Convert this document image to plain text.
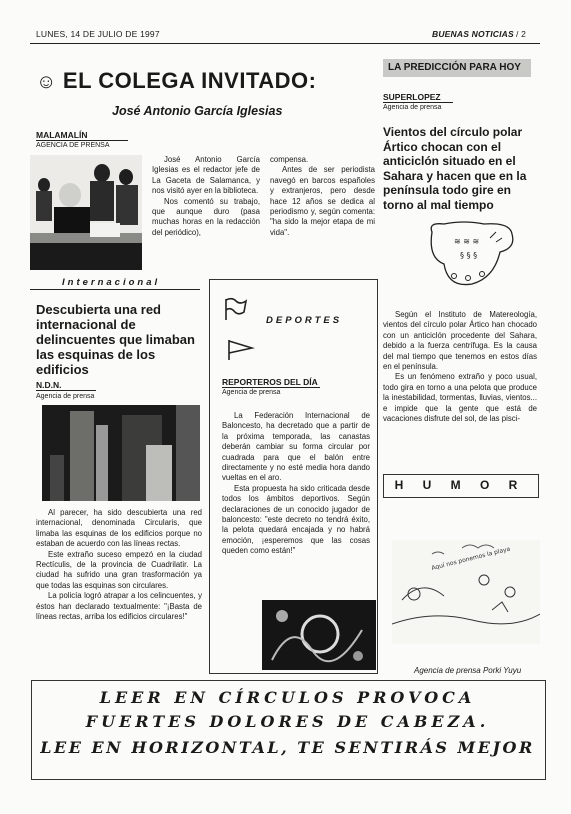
LUNES, 14 DE JULIO DE 1997	BUENAS NOTICIAS / 2
☺ EL COLEGA INVITADO:
José Antonio García Iglesias
MALAMALÍN
AGENCIA DE PRENSA

José Antonio García Iglesias es el redactor jefe de La Gaceta de Salamanca, y nos visitó ayer en la biblioteca.

Nos comentó su trabajo, que aunque duro (pasa muchas horas en la redacción del periódico),

compensa.

Antes de ser periodista navegó en barcos españoles y extranjeros, pero desde hace 12 años se dedica al periodismo y, según comenta: "ha sido la mejor etapa de mi vida".

Internacional
Descubierta una red internacional de delincuentes que limaban las esquinas de los edificios
N.D.N.
Agencia de prensa

Al parecer, ha sido descubierta una red internacional, denominada Circularis, que limaba las esquinas de los edificios porque no estaban de acuerdo con las líneas rectas.

Este extraño suceso empezó en la ciudad Rectículis, de la provincia de Cuadrilatir. La ciudad ha sufrido una gran trasformación ya que todas las esquinas son circulares.

La policía logró atrapar a los celincuentes, y éstos han declarado textualmente: "¡Basta de líneas rectas, arriba los edificios circulares!"

DEPORTES
REPORTEROS DEL DÍA
Agencia de prensa

La Federación Internacional de Baloncesto, ha decretado que a partir de la próxima temporada, las canastas deberán cambiar su forma circular por cuadrada para que el balón entre directamente y no esté media hora dando vueltas en el aro.

Esta propuesta ha sido criticada desde todos los ámbitos deportivos. Según declaraciones de un conocido jugador de baloncesto: "este decreto no tendrá éxito, la pelota quedará encajada y no habrá emoción, ¡esperemos que las cosas queden como están!"

LA PREDICCIÓN PARA HOY
SUPERLOPEZ
Agencia de prensa
Vientos del círculo polar Ártico chocan con el anticiclón situado en el Sahara y hacen que en la península todo gire en torno al mal tiempo
≋ ≋ ≋
§ § §

Según el Instituto de Matereología, vientos del círculo polar Ártico han chocado con un anticiclón procedente del Sahara, debido a la fuerza centrífuga. Es la causa del mal tiempo que tenemos en estos días en el península.

Es un fenómeno extraño y poco usual, todo gira en torno a una pelota que produce la inestabilidad, tormentas, lluvias, vientos... e impide que la gente que está de vacaciones disfrute del sol, de las pisci-

H U M O R
Aquí nos ponemos la playa
Agencia de prensa Porki Yuyu
LEER EN CÍRCULOS PROVOCA
FUERTES DOLORES DE CABEZA.
LEE EN HORIZONTAL, TE SENTIRÁS MEJOR
